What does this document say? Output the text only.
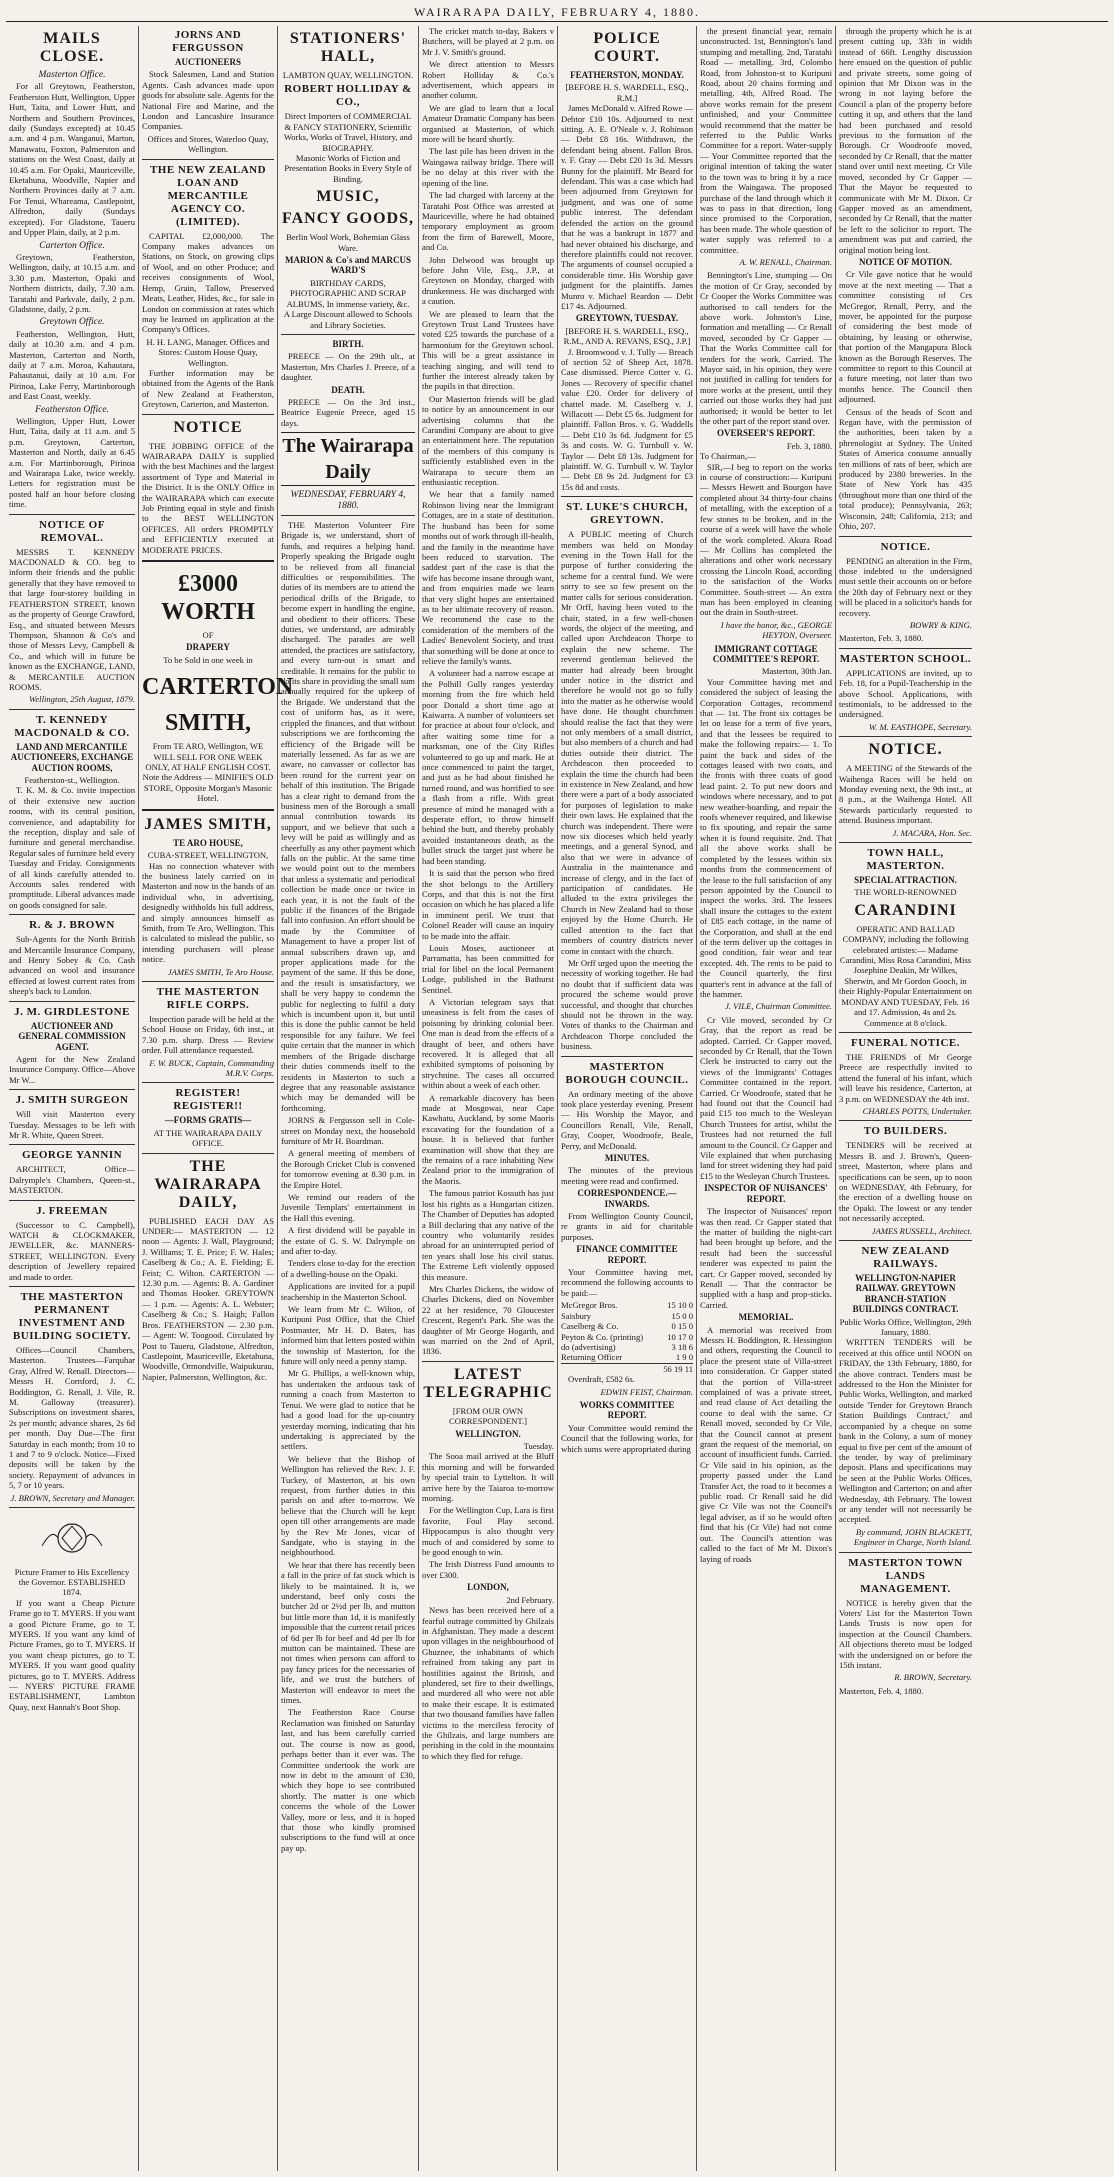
WAIRARAPA DAILY, FEBRUARY 4, 1880.
MAILS CLOSE.
Masterton Office.
For all Greytown, Featherston, Featherston Hutt, Wellington, Upper Hutt, Taita, and Lower Hutt, and Northern and Southern Provinces, daily (Sundays excepted) at 10.45 a.m. and 4 p.m. Wanganui, Marton, Manawatu, Foxton, Palmerston and stations on the West Coast, daily at 10.45 a.m. For Opaki, Mauriceville, Eketahuna, Woodville, Napier and Northern Provinces daily at 7 a.m. For Tenui, Whareama, Castlepoint, Alfredton, daily (Sundays excepted). For Gladstone, Taueru and Upper Plain, daily, at 2 p.m.
Carterton Office.
Greytown, Featherston, Wellington, daily, at 10.15 a.m. and 3.30 p.m. Masterton, Opaki and Northern districts, daily, 7.30 a.m. Taratahi and Parkvale, daily, 2 p.m. Gladstone, daily, 2 p.m.
Greytown Office.
Featherston, Wellington, Hutt, daily at 10.30 a.m. and 4 p.m. Masterton, Carterton and North, daily at 7 a.m. Moroa, Kahautara, Pahautanui, daily at 10 a.m. For Pirinoa, Lake Ferry, Martinborough and East Coast, weekly.
Featherston Office.
Wellington, Upper Hutt, Lower Hutt, Taita, daily at 11 a.m. and 5 p.m. Greytown, Carterton, Masterton and North, daily at 6.45 a.m. For Martinborough, Pirinoa and Wairarapa Lake, twice weekly. Letters for registration must be posted half an hour before closing time.
NOTICE OF REMOVAL.
MESSRS T. KENNEDY MACDONALD & CO. beg to inform their friends and the public generally that they have removed to that large four-storey building in FEATHERSTON STREET, known as the property of George Crawford, Esq., and situated between Messrs Thompson, Shannon & Co's and those of Messrs Levy, Campbell & Co., and which will in future be known as the EXCHANGE, LAND, & MERCANTILE AUCTION ROOMS.
Wellington, 25th August, 1879.
T. KENNEDY MACDONALD & CO.
LAND AND MERCANTILE AUCTIONEERS, EXCHANGE AUCTION ROOMS,
Featherston-st., Wellington.
T. K. M. & Co. invite inspection of their extensive new auction rooms, with its central position, convenience, and adaptability for the reception, display and sale of furniture and general merchandise. Regular sales of furniture held every Tuesday and Friday. Consignments of all kinds carefully attended to. Accounts sales rendered with promptitude. Liberal advances made on goods consigned for sale.
R. & J. BROWN
Sub-Agents for the North British and Mercantile Insurance Company, and Henry Sobey & Co. Cash advanced on wool and insurance effected at lowest current rates from sheep's back to London.
J. M. GIRDLESTONE
AUCTIONEER AND GENERAL COMMISSION AGENT.
Agent for the New Zealand Insurance Company. Office—Above Mr W...
J. SMITH SURGEON
Will visit Masterton every Tuesday. Messages to be left with Mr R. White, Queen Street.
GEORGE YANNIN
ARCHITECT, Office—Dalrymple's Chambers, Queen-st., MASTERTON.
J. FREEMAN
(Successor to C. Campbell), WATCH & CLOCKMAKER, JEWELLER, &c. MANNERS-STREET, WELLINGTON. Every description of Jewellery repaired and made to order.
THE MASTERTON PERMANENT INVESTMENT AND BUILDING SOCIETY.
Offices—Council Chambers, Masterton. Trustees—Farquhar Gray, Alfred W. Renall. Directors—Messrs H. Cornford, J. C. Boddington, G. Renall, J. Vile, R. M. Galloway (treasurer). Subscriptions on investment shares, 2s per month; advance shares, 2s 6d per month. Day Due—The first Saturday in each month; from 10 to 1 and 7 to 9 o'clock. Notice—Fixed deposits will be taken by the society. Repayment of advances in 5, 7 or 10 years.
J. BROWN, Secretary and Manager.
Picture Framer to His Excellency the Governor. ESTABLISHED 1874.
If you want a Cheap Picture Frame go to T. MYERS. If you want a good Picture Frame, go to T. MYERS. If you want any kind of Picture Frames, go to T. MYERS. If you want cheap pictures, go to T. MYERS. If you want good quality pictures, go to T. MYERS. Address — NYERS' PICTURE FRAME ESTABLISHMENT, Lambton Quay, next Hannah's Boot Shop.
JORNS AND FERGUSSON
AUCTIONEERS
Stock Salesmen, Land and Station Agents. Cash advances made upon goods for absolute sale. Agents for the National Fire and Marine, and the London and Lancashire Insurance Companies.
Offices and Stores, Waterloo Quay, Wellington.
THE NEW ZEALAND LOAN AND MERCANTILE AGENCY CO. (LIMITED).
CAPITAL £2,000,000. The Company makes advances on Stations, on Stock, on growing clips of Wool, and on other Produce; and receives consignments of Wool, Hemp, Grain, Tallow, Preserved Meats, Leather, Hides, &c., for sale in London on commission at rates which may be learned on application at the Company's Offices.
H. H. LANG, Manager. Offices and Stores: Custom House Quay, Wellington.
Further information may be obtained from the Agents of the Bank of New Zealand at Featherston, Greytown, Carterton, and Masterton.
NOTICE
THE JOBBING OFFICE of the WAIRARAPA DAILY is supplied with the best Machines and the largest assortment of Type and Material in the District. It is the ONLY Office in the WAIRARAPA which can execute Job Printing equal in style and finish to the BEST WELLINGTON OFFICES. All orders PROMPTLY and EFFICIENTLY executed at MODERATE PRICES.
£3000 WORTH
OF
DRAPERY
To be Sold in one week in
CARTERTON
SMITH,
From TE ARO, Wellington, WE WILL SELL FOR ONE WEEK ONLY, AT HALF ENGLISH COST.
Note the Address — MINIFIE'S OLD STORE, Opposite Morgan's Masonic Hotel.
JAMES SMITH,
TE ARO HOUSE,
CUBA-STREET, WELLINGTON,
Has no connection whatever with the business lately carried on in Masterton and now in the hands of an individual who, in advertising, designedly withholds his full address, and simply announces himself as Smith, from Te Aro, Wellington. This is calculated to mislead the public, so intending purchasers will please notice.
JAMES SMITH, Te Aro House.
THE MASTERTON RIFLE CORPS.
Inspection parade will be held at the School House on Friday, 6th inst., at 7.30 p.m. sharp. Dress — Review order. Full attendance requested.
F. W. BUCK, Captain, Commanding M.R.V. Corps.
REGISTER! REGISTER!!
—FORMS GRATIS—
AT THE WAIRARAPA DAILY OFFICE.
THE WAIRARAPA DAILY,
PUBLISHED EACH DAY AS UNDER:— MASTERTON — 12 noon — Agents: J. Wall, Playground; J. Williams; T. E. Price; F. W. Hales; Caselberg & Co.; A. E. Fielding; E. Feist; C. Wilton. CARTERTON — 12.30 p.m. — Agents: B. A. Gardiner and Thomas Hooker. GREYTOWN — 1 p.m. — Agents: A. L. Webster; Caselberg & Co.; S. Haigh; Fallon Bros. FEATHERSTON — 2.30 p.m. — Agent: W. Toogood. Circulated by Post to Taueru, Gladstone, Alfredton, Castlepoint, Mauriceville, Eketahuna, Woodville, Ormondville, Waipukurau, Napier, Palmerston, Wellington, &c.
STATIONERS' HALL,
LAMBTON QUAY, WELLINGTON.
ROBERT HOLLIDAY & CO.,
Direct Importers of COMMERCIAL & FANCY STATIONERY, Scientific Works, Works of Travel, History, and BIOGRAPHY.
Masonic Works of Fiction and Presentation Books in Every Style of Binding.
MUSIC,
FANCY GOODS,
Berlin Wool Work, Bohemian Glass Ware.
MARION & Co's and MARCUS WARD'S
BIRTHDAY CARDS, PHOTOGRAPHIC AND SCRAP ALBUMS, In immense variety, &c.
A Large Discount allowed to Schools and Library Societies.
BIRTH.
PREECE — On the 29th ult., at Masterton, Mrs Charles J. Preece, of a daughter.
DEATH.
PREECE — On the 3rd inst., Beatrice Eugenie Preece, aged 15 days.
The Wairarapa Daily
WEDNESDAY, FEBRUARY 4, 1880.
THE Masterton Volunteer Fire Brigade is, we understand, short of funds, and requires a helping hand. Properly speaking the Brigade ought to be relieved from all financial difficulties or responsibilities. The duties of its members are to attend the periodical drills of the Brigade, to become expert in handling the engine, and obedient to their officers. These duties, we understand, are admirably discharged. The parades are well attended, the practices are satisfactory, and every turn-out is smart and creditable. It remains for the public to do its share in providing the small sum annually required for the upkeep of the Brigade. We understand that the cost of uniform has, as it were, crippled the finances, and that without subscriptions we are forthcoming the efficiency of the Brigade will be materially lessened. As far as we are aware, no canvasser or collector has been round for the current year on behalf of this institution. The Brigade has a clear right to demand from the business men of the Borough a small annual contribution towards its support, and we believe that such a levy will be paid as willingly and as cheerfully as any other payment which falls on the public. At the same time we would point out to the members that unless a systematic and periodical collection be made once or twice in each year, it is not the fault of the public if the finances of the Brigade fall into confusion. An effort should be made by the Committee of Management to have a proper list of annual subscribers drawn up, and proper applications made for the payment of the same. If this be done, and the result is unsatisfactory, we shall be very happy to condemn the public for neglecting to fulfil a duty which is incumbent upon it, but until this is done the public cannot be held responsible for any failure. We feel quite certain that the manner in which members of the Brigade discharge their duties commends itself to the residents in Masterton to such a degree that any reasonable assistance which may be demanded will be forthcoming.
JORNS & Fergusson sell in Cole-street on Monday next, the household furniture of Mr H. Boardman.
A general meeting of members of the Borough Cricket Club is convened for tomorrow evening at 8.30 p.m. in the Empire Hotel.
We remind our readers of the Juvenile Templars' entertainment in the Hall this evening.
A first dividend will be payable in the estate of G. S. W. Dalrymple on and after to-day.
Tenders close to-day for the erection of a dwelling-house on the Opaki.
Applications are invited for a pupil teachership in the Masterton School.
We learn from Mr C. Wilton, of Kuripuni Post Office, that the Chief Postmaster, Mr H. D. Bates, has informed him that letters posted within the township of Masterton, for the future will only need a penny stamp.
Mr G. Phillips, a well-known whip, has undertaken the arduous task of running a coach from Masterton to Tenui. We were glad to notice that he had a good load for the up-country yesterday morning, indicating that his undertaking is appreciated by the settlers.
We believe that the Bishop of Wellington has relieved the Rev. J. F. Tuckey, of Masterton, at his own request, from further duties in this parish on and after to-morrow. We believe that the Church will be kept open till other arrangements are made by the Rev Mr Jones, vicar of Sandgate, who is staying in the neighbourhood.
We hear that there has recently been a fall in the price of fat stock which is likely to be maintained. It is, we understand, beef only costs the butcher 2d or 2½d per lb, and mutton but little more than 1d, it is manifestly impossible that the current retail prices of 6d per lb for beef and 4d per lb for mutton can be maintained. These are not times when persons can afford to pay fancy prices for the necessaries of life, and we trust the butchers of Masterton will endeavor to meet the times.
The Featherston Race Course Reclamation was finished on Saturday last, and has been carefully carried out. The course is now as good, perhaps better than it ever was. The Committee undertook the work are now in debt to the amount of £30, which they hope to see contributed shortly. The matter is one which concerns the whole of the Lower Valley, more or less, and it is hoped that those who kindly promised subscriptions to the fund will at once pay up.
The cricket match to-day, Bakers v Butchers, will be played at 2 p.m. on Mr J. V. Smith's ground.
We direct attention to Messrs Robert Holliday & Co.'s advertisement, which appears in another column.
We are glad to learn that a local Amateur Dramatic Company has been organised at Masterton, of which more will be heard shortly.
The last pile has been driven in the Waingawa railway bridge. There will be no delay at this river with the opening of the line.
The lad charged with larceny at the Taratahi Post Office was arrested at Mauriceville, where he had obtained temporary employment as groom from the firm of Barewell, Moore, and Co.
John Delwood was brought up before John Vile, Esq., J.P., at Greytown on Monday, charged with drunkenness. He was discharged with a caution.
We are pleased to learn that the Greytown Trust Land Trustees have voted £25 towards the purchase of a harmonium for the Greytown school. This will be a great assistance in teaching singing, and will tend to further the interest already taken by the pupils in that direction.
Our Masterton friends will be glad to notice by an announcement in our advertising columns that the Carandini Company are about to give an entertainment here. The reputation of the members of this company is sufficiently established even in the Wairarapa to secure them an enthusiastic reception.
We hear that a family named Robinson living near the Immigrant Cottages, are in a state of destitution. The husband has been for some months out of work through ill-health, and the family in the meantime have been reduced to starvation. The saddest part of the case is that the wife has become insane through want, and from enquiries made we learn that very slight hopes are entertained as to her ultimate recovery of reason. We recommend the case to the consideration of the members of the Ladies' Benevolent Society, and trust that something will be done at once to relieve the family's wants.
A volunteer had a narrow escape at the Polhill Gully ranges yesterday morning from the fire which held poor Donald a short time ago at Kaiwarra. A number of volunteers set for practice at about four o'clock, and after waiting some time for a marksman, one of the City Rifles volunteered to go up and mark. He at once commenced to paint the target, and just as he had about finished he turned round, and was horrified to see a flash from a rifle. With great presence of mind he managed with a desperate effort, to throw himself behind the butt, and thereby probably avoided instantaneous death, as the bullet struck the target just where he had been standing.
It is said that the person who fired the shot belongs to the Artillery Corps, and that this is not the first occasion on which he has placed a life in imminent peril. We trust that Colonel Reader will cause an inquiry to be made into the affair.
Louis Moses, auctioneer at Parramatta, has been committed for trial for libel on the local Permanent Lodge, published in the Bathurst Sentinel.
A Victorian telegram says that uneasiness is felt from the cases of poisoning by drinking colonial beer. One man is dead from the effects of a draught of beer, and others have recovered. It is alleged that all exhibited symptoms of poisoning by strychnine. The cases all occurred within about a week of each other.
A remarkable discovery has been made at Mosgowai, near Cape Kawhatu, Auckland, by some Maoris excavating for the foundation of a house. It is believed that further examination will show that they are the remains of a race inhabiting New Zealand prior to the immigration of the Maoris.
The famous patriot Kossuth has just lost his rights as a Hungarian citizen. The Chamber of Deputies has adopted a Bill declaring that any native of the country who voluntarily resides abroad for an uninterrupted period of ten years shall lose his civil status. The Extreme Left violently opposed this measure.
Mrs Charles Dickens, the widow of Charles Dickens, died on November 22 at her residence, 70 Gloucester Crescent, Regent's Park. She was the daughter of Mr George Hogarth, and was married on the 2nd of April, 1836.
LATEST TELEGRAPHIC
[FROM OUR OWN CORRESPONDENT.]
WELLINGTON.
Tuesday.
The Sooa mail arrived at the Bluff this morning and will be forwarded by special train to Lyttelton. It will arrive here by the Taiaroa to-morrow morning.
For the Wellington Cup, Lara is first favorite, Foul Play second. Hippocampus is also thought very much of and considered by some to be good enough to win.
The Irish Distress Fund amounts to over £300.
LONDON,
2nd February.
News has been received here of a fearful outrage committed by Ghilzais in Afghanistan. They made a descent upon villages in the neighbourhood of Ghuznee, the inhabitants of which refrained from taking any part in hostilities against the British, and plundered, set fire to their dwellings, and murdered all who were not able to make their escape. It is estimated that two thousand families have fallen victims to the merciless ferocity of the Ghilzais, and large numbers are perishing in the cold in the mountains to which they fled for refuge.
POLICE COURT.
FEATHERSTON, MONDAY.
[BEFORE H. S. WARDELL, ESQ., R.M.]
James McDonald v. Alfred Rowe — Debtor £10 10s. Adjourned to next sitting. A. E. O'Neale v. J. Robinson — Debt £8 16s. Withdrawn, the defendant being absent. Fallon Bros. v. F. Gray — Debt £20 1s 3d. Messrs Bunny for the plaintiff. Mr Beard for defendant. This was a case which had been adjourned from Greytown for judgment, and was one of some public interest. The defendant defended the action on the ground that he was a bankrupt in 1877 and had never obtained his discharge, and therefore plaintiffs could not recover. The arguments of counsel occupied a considerable time. His Worship gave judgment for the plaintiffs. James Munro v. Michael Reardon — Debt £17 4s. Adjourned.
GREYTOWN, TUESDAY.
[BEFORE H. S. WARDELL, ESQ., R.M., AND A. REVANS, ESQ., J.P.]
J. Broomwood v. J. Tully — Breach of section 52 of Sheep Act, 1878. Case dismissed. Pierce Cotter v. G. Jones — Recovery of specific chattel value £20. Order for delivery of chattel made. M. Caselberg v. J. Willacott — Debt £5 6s. Judgment for plaintiff. Fallon Bros. v. G. Waddells — Debt £10 3s 6d. Judgment for £5 3s and costs. W. G. Turnbull v. W. Taylor — Debt £8 13s. Judgment for plaintiff. W. G. Turnbull v. W. Taylor — Debt £8 9s 2d. Judgment for £3 15s 8d and costs.
ST. LUKE'S CHURCH, GREYTOWN.
A PUBLIC meeting of Church members was held on Monday evening in the Town Hall for the purpose of further considering the scheme for a central fund. We were sorry to see so few present on the matter calls for serious consideration. Mr Orff, having been voted to the chair, stated, in a few well-chosen words, the object of the meeting, and called upon Archdeacon Thorpe to explain the new scheme. The reverend gentleman believed the matter had already been brought under notice in the district and therefore he would not go so fully into the matter as he otherwise would have done. He thought churchmen should realise the fact that they were not only members of a small district, but also members of a church and had duties outside their district. The Archdeacon then proceeded to explain the time the church had been in existence in New Zealand, and how there were a part of a body associated for purposes of legislation to make their own laws. He explained that the church was independent. There were now six dioceses which held yearly meetings, and a general Synod, and also that we were in advance of Australia in the maintenance and increase of clergy, and in the fact of participation of candidates. He alluded to the extra privileges the Church in New Zealand had to those enjoyed by the Home Church. He called attention to the fact that members of country districts never come in contact with the church.
Mr Orff urged upon the meeting the necessity of working together. He had no doubt that if sufficient data was procured the scheme would prove successful, and thought that churches should not be thrown in the way. Votes of thanks to the Chairman and Archdeacon Thorpe concluded the business.
MASTERTON BOROUGH COUNCIL.
An ordinary meeting of the above took place yesterday evening. Present — His Worship the Mayor, and Councillors Renall, Vile, Renall, Gray, Cooper, Woodroofe, Beale, Perry, and McDonald.
MINUTES.
The minutes of the previous meeting were read and confirmed.
CORRESPONDENCE.—INWARDS.
From Wellington County Council, re grants in aid for charitable purposes.
FINANCE COMMITTEE REPORT.
Your Committee having met, recommend the following accounts to be paid:—
McGregor Bros.	15 10 0
Saisbury	15 0 0
Caselberg & Co.	0 15 0
Peyton & Co. (printing)	10 17 0
do (advertising)	3 18 6
Returning Officer	1 9 0
56 19 11
Overdraft, £582 6s.
EDWIN FEIST, Chairman.
WORKS COMMITTEE REPORT.
Your Committee would remind the Council that the following works, for which sums were appropriated during
the present financial year, remain unconstructed. 1st, Bennington's land stumping and metalling. 2nd, Taratahi Road — metalling. 3rd, Colombo Road, from Johnston-st to Kuripuni Road, about 20 chains forming and metalling. 4th, Alfred Road. The above works remain for the present unfinished, and your Committee would recommend that the matter be referred to the Public Works Committee for a report. Water-supply — Your Committee reported that the original intention of taking the water to the town was to bring it by a race from the Waingawa. The proposed purchase of the land through which it was to pass in that direction, long since promised to the Corporation, has been made. The whole question of water supply was referred to a committee.
A. W. RENALL, Chairman.
Bennington's Line, stumping — On the motion of Cr Gray, seconded by Cr Cooper the Works Committee was authorised to call tenders for the above work. Johnston's Line, formation and metalling — Cr Renall moved, seconded by Cr Gapper — That the Works Committee call for tenders for the work. Carried. The Mayor said, in his opinion, they were not justified in calling for tenders for more works at the present, until they carried out those works they had just authorised; it would be better to let the other part of the report stand over.
OVERSEER'S REPORT.
Feb. 3, 1880.
To Chairman,—
SIR,—I beg to report on the works in course of construction:— Kuripuni — Messrs Hewett and Bourgon have completed about 34 thirty-four chains of metalling, with the exception of a few stones to be broken, and in the course of a week will have the whole of the work completed. Akura Road — Mr Collins has completed the alterations and other work necessary crossing the Lincoln Road, according to the satisfaction of the Works Committee. South-street — An extra man has been employed in cleaning out the drain in South-street.
I have the honor, &c., GEORGE HEYTON, Overseer.
IMMIGRANT COTTAGE COMMITTEE'S REPORT.
Masterton, 30th Jan.
Your Committee having met and considered the subject of leasing the Corporation Cottages, recommend that — 1st. The front six cottages be let on lease for a term of five years, and that the lessees be required to make the following repairs:— 1. To paint the back and sides of the cottages leased with two coats, and the fronts with three coats of good lead paint. 2. To put new doors and windows where necessary, and to put new weather-boarding, and repair the roofs whenever required, and likewise to fix spouting, and repair the same when it is found requisite. 2nd. That all the above works shall be completed by the lessees within six months from the commencement of the lease to the full satisfaction of any person appointed by the Council to inspect the works. 3rd. The lessees shall insure the cottages to the extent of £85 each cottage, in the name of the Corporation, and shall at the end of the term deliver up the cottages in good condition, fair wear and tear excepted. 4th. The rents to be paid to the Council quarterly, the first quarter's rent in advance at the fall of the hammer.
J. VILE, Chairman Committee.
Cr Vile moved, seconded by Cr Gray, that the report as read be adopted. Carried. Cr Gapper moved, seconded by Cr Renall, that the Town Clerk be instructed to carry out the views of the Immigrants' Cottages Committee contained in the report. Carried. Cr Woodroofe, stated that he had found out that the Council had paid £15 too much to the Wesleyan Church Trustees for artist, whilst the Trustees had not returned the full amount to the Council. Cr Gapper and Vile explained that when purchasing land for street widening they had paid £15 to the Wesleyan Church Trustees.
INSPECTOR OF NUISANCES' REPORT.
The Inspector of Nuisances' report was then read. Cr Gapper stated that the matter of building the night-cart had been brought up before, and the result had been the successful tenderer was expected to paint the cart. Cr Gapper moved, seconded by Renall — That the contractor be supplied with a hasp and prop-sticks. Carried.
MEMORIAL.
A memorial was received from Messrs H. Boddington, R. Hessington and others, requesting the Council to place the present state of Villa-street into consideration. Cr Gapper stated that the portion of Villa-street complained of was a private street, and read clause of Act detailing the course to deal with the same. Cr Renall moved, seconded by Cr Vile, that the Council cannot at present grant the request of the memorial, on account of insufficient funds. Carried. Cr Vile said in his opinion, as the property passed under the Land Transfer Act, the road to it becomes a public road. Cr Renall said he did give Cr Vile was not the Council's legal adviser, as if so he would often find that his (Cr Vile) had not come out. The Council's attention was called to the fact of Mr M. Dixon's laying of roads
through the property which he is at present cutting up, 33ft in width instead of 66ft. Lengthy discussion here ensued on the question of public and private streets, some going of opinion that Mr Dixon was in the wrong in not laying before the Council a plan of the property before cutting it up, and others that the land had been purchased and resold previous to the formation of the Borough. Cr Woodroofe moved, seconded by Cr Renall, that the matter stand over until next meeting. Cr Vile moved, seconded by Cr Gapper — That the Mayor be requested to communicate with Mr M. Dixon. Cr Gapper moved as an amendment, seconded by Cr Renall, that the matter be left to the solicitor to report. The amendment was put and carried, the original motion being lost.
NOTICE OF MOTION.
Cr Vile gave notice that he would move at the next meeting — That a committee consisting of Crs McGregor, Renall, Perry, and the mover, be appointed for the purpose of considering the best mode of obtaining, by leasing or otherwise, that portion of the Mangapura Block known as the Borough Reserves. The committee to report to this Council at a future meeting, not later than two months hence. The Council then adjourned.
Census of the heads of Scott and Regan have, with the permission of the authorities, been taken by a phrenologist at Sydney. The United States of America consume annually ten millions of rats of beer, which are produced by 2380 breweries. In the State of New York has 435 (throughout more than one third of the total produce); Pennsylvania, 263; Wisconsin, 248; California, 213; and Ohio, 207.
NOTICE.
PENDING an alteration in the Firm, those indebted to the undersigned must settle their accounts on or before the 20th day of February next or they will be placed in a solicitor's hands for recovery.
BOWRY & KING.
Masterton, Feb. 3, 1880.
MASTERTON SCHOOL.
APPLICATIONS are invited, up to Feb. 18, for a Pupil-Teachership in the above School. Applications, with testimonials, to be addressed to the undersigned.
W. M. EASTHOPE, Secretary.
NOTICE.
A MEETING of the Stewards of the Waihenga Races will be held on Monday evening next, the 9th inst., at 8 p.m., at the Waihenga Hotel. All Stewards particularly requested to attend. Business important.
J. MACARA, Hon. Sec.
TOWN HALL, MASTERTON.
SPECIAL ATTRACTION.
THE WORLD-RENOWNED
CARANDINI
OPERATIC AND BALLAD COMPANY, including the following celebrated artistes:— Madame Carandini, Miss Rosa Carandini, Miss Josephine Deakin, Mr Wilkes, Sherwin, and Mr Gordon Gooch, in their Highly-Popular Entertainment on MONDAY AND TUESDAY, Feb. 16 and 17. Admission, 4s and 2s. Commence at 8 o'clock.
FUNERAL NOTICE.
THE FRIENDS of Mr George Preece are respectfully invited to attend the funeral of his infant, which will leave his residence, Carterton, at 3 p.m. on WEDNESDAY the 4th inst.
CHARLES POTTS, Undertaker.
TO BUILDERS.
TENDERS will be received at Messrs B. and J. Brown's, Queen-street, Masterton, where plans and specifications can be seen, up to noon on WEDNESDAY, 4th February, for the erection of a dwelling house on the Opaki. The lowest or any tender not necessarily accepted.
JAMES RUSSELL, Architect.
NEW ZEALAND RAILWAYS.
WELLINGTON-NAPIER RAILWAY. GREYTOWN BRANCH-STATION BUILDINGS CONTRACT.
Public Works Office, Wellington, 29th January, 1880.
WRITTEN TENDERS will be received at this office until NOON on FRIDAY, the 13th February, 1880, for the above contract. Tenders must be addressed to the Hon the Minister for Public Works, Wellington, and marked outside 'Tender for Greytown Branch Station Buildings Contract,' and accompanied by a cheque on some bank in the Colony, a sum of money equal to five per cent of the amount of the tender, by way of preliminary deposit. Plans and specifications may be seen at the Public Works Offices, Wellington and Carterton; on and after Wednesday, 4th February. The lowest or any tender will not necessarily be accepted.
By command, JOHN BLACKETT, Engineer in Charge, North Island.
MASTERTON TOWN LANDS MANAGEMENT.
NOTICE is hereby given that the Voters' List for the Masterton Town Lands Trusts is now open for inspection at the Council Chambers. All objections thereto must be lodged with the undersigned on or before the 15th instant.
R. BROWN, Secretary.
Masterton, Feb. 4, 1880.
